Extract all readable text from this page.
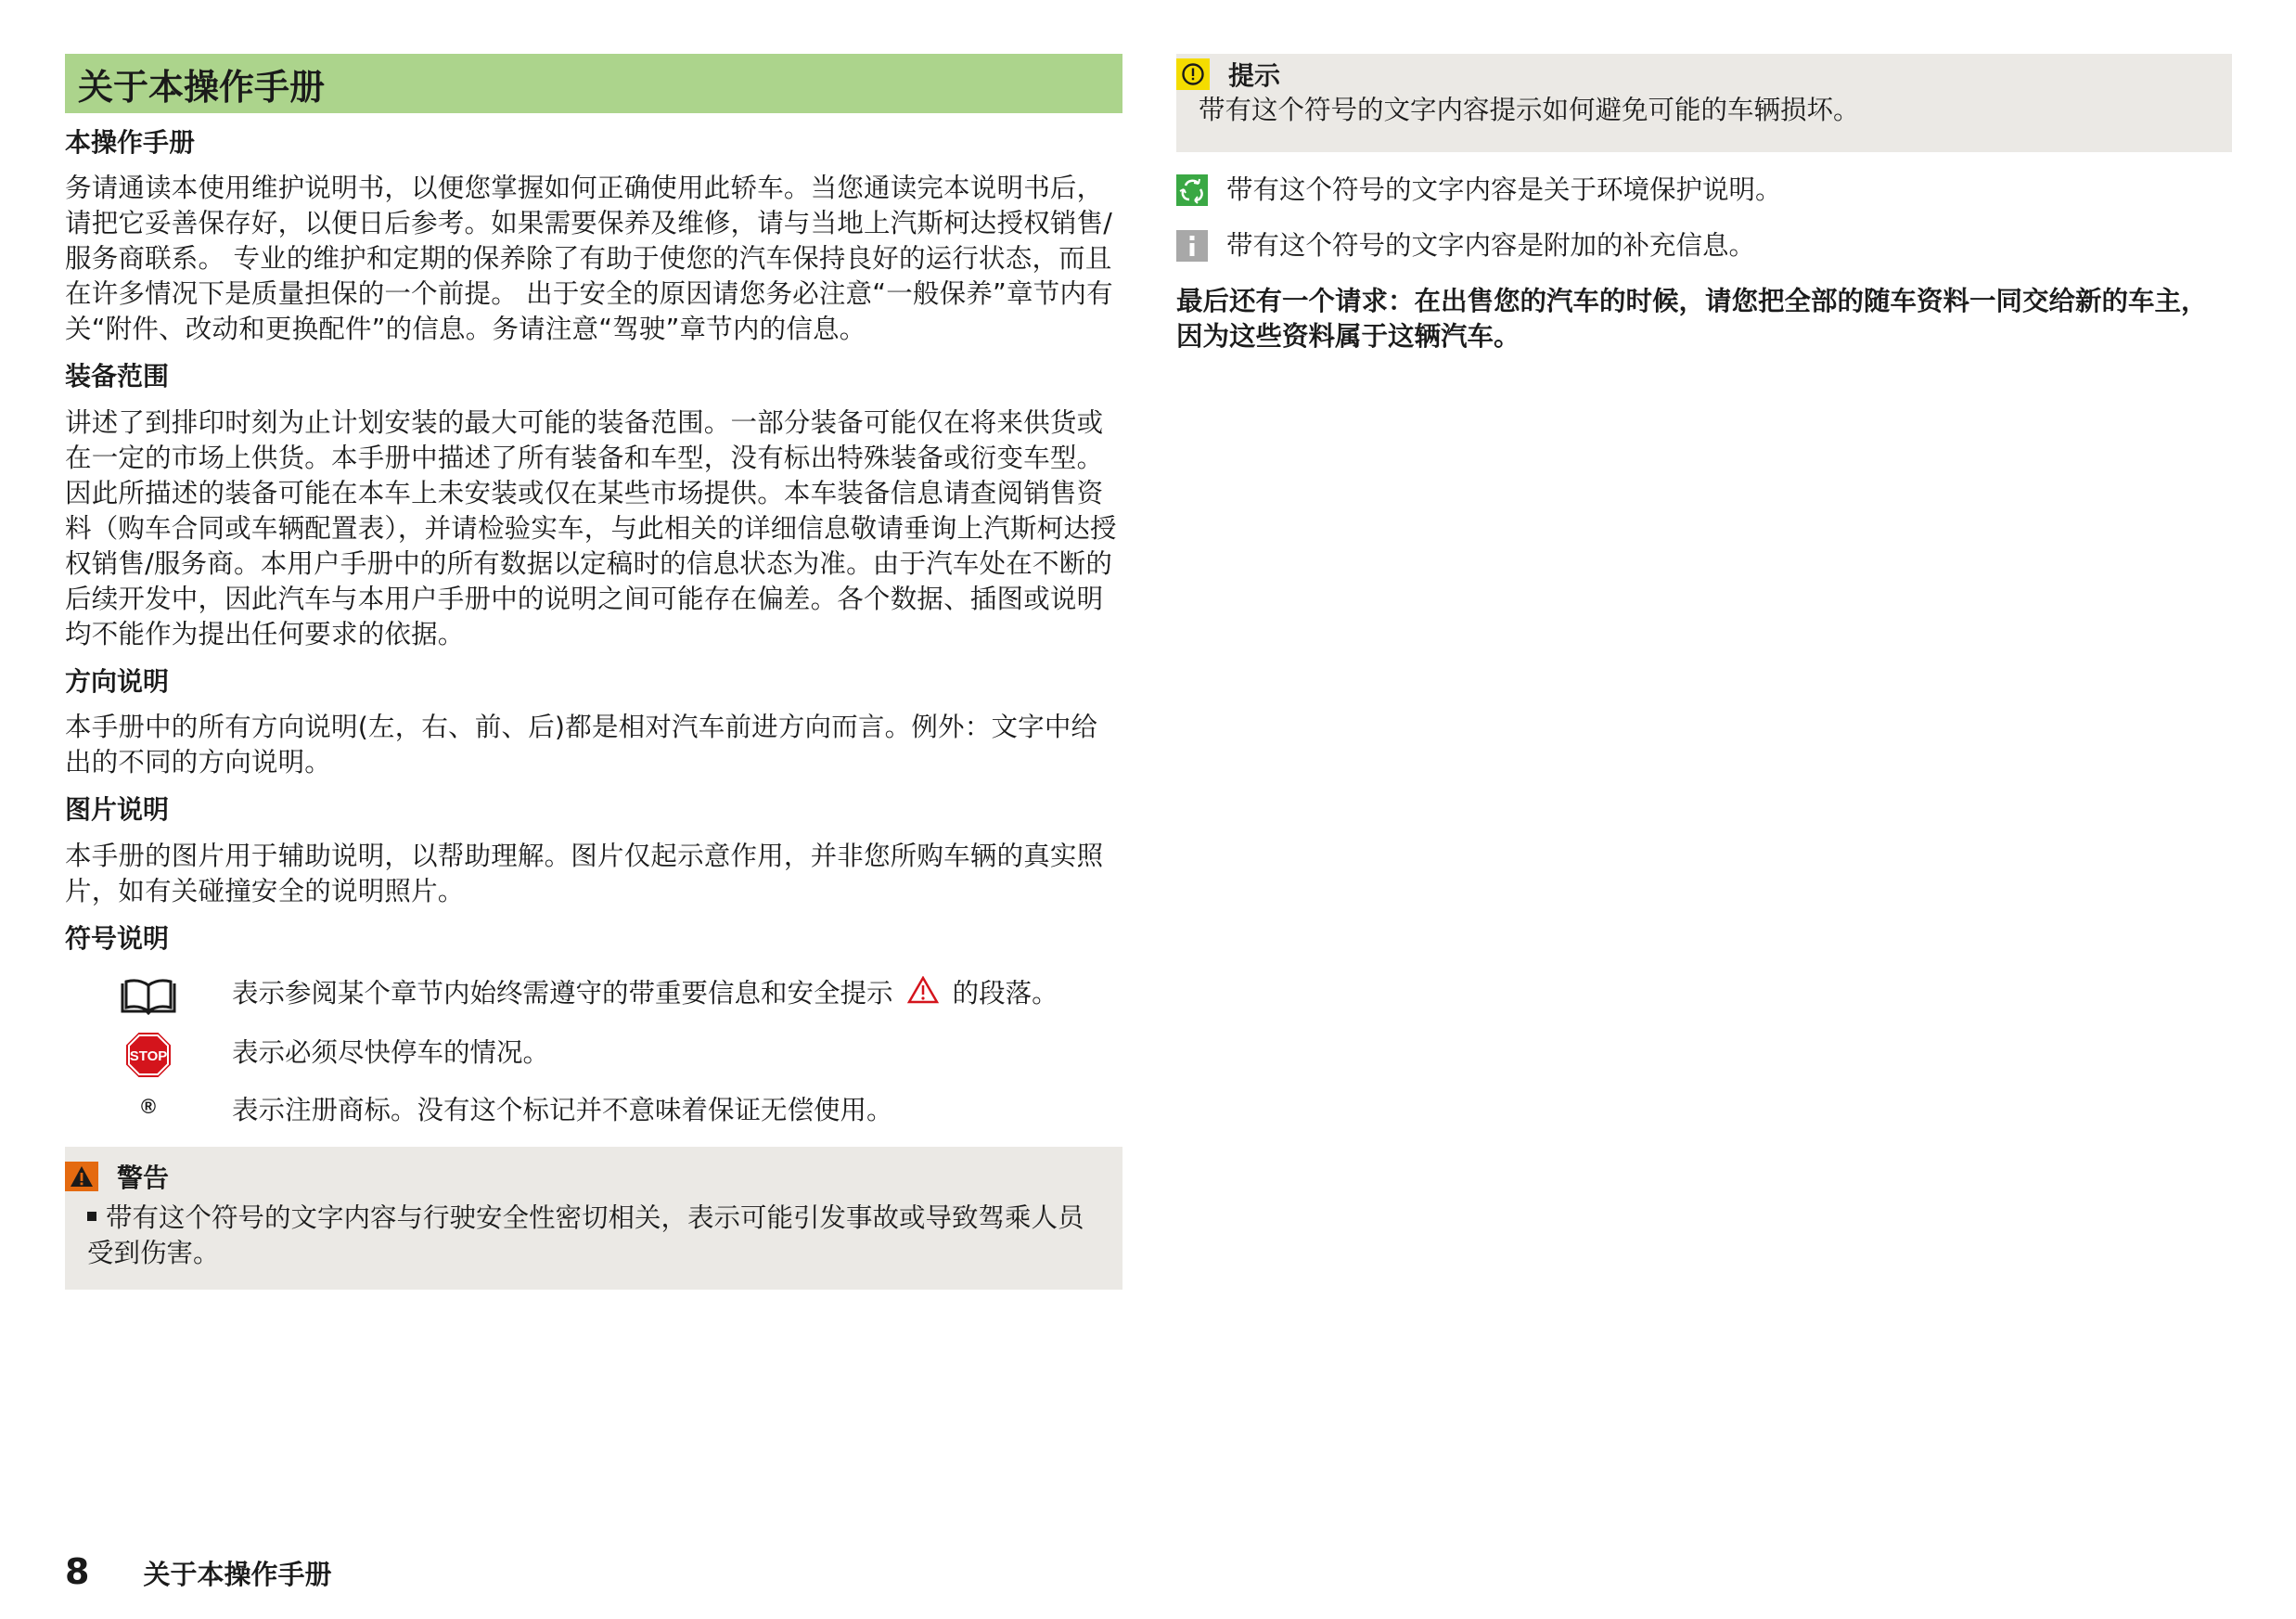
关于本操作手册
本操作手册

务请通读本使用维护说明书，以便您掌握如何正确使用此轿车。当您通读完本说明书后，请把它妥善保存好，以便日后参考。如果需要保养及维修，请与当地上汽斯柯达授权销售/服务商联系。 专业的维护和定期的保养除了有助于使您的汽车保持良好的运行状态，而且在许多情况下是质量担保的一个前提。 出于安全的原因请您务必注意“一般保养”章节内有关“附件、改动和更换配件”的信息。务请注意“驾驶”章节内的信息。

装备范围

讲述了到排印时刻为止计划安装的最大可能的装备范围。一部分装备可能仅在将来供货或在一定的市场上供货。本手册中描述了所有装备和车型，没有标出特殊装备或衍变车型。因此所描述的装备可能在本车上未安装或仅在某些市场提供。本车装备信息请查阅销售资料（购车合同或车辆配置表），并请检验实车，与此相关的详细信息敬请垂询上汽斯柯达授权销售/服务商。本用户手册中的所有数据以定稿时的信息状态为准。由于汽车处在不断的后续开发中，因此汽车与本用户手册中的说明之间可能存在偏差。各个数据、插图或说明均不能作为提出任何要求的依据。

方向说明

本手册中的所有方向说明(左，右、前、后)都是相对汽车前进方向而言。例外：文字中给出的不同的方向说明。

图片说明

本手册的图片用于辅助说明，以帮助理解。图片仅起示意作用，并非您所购车辆的真实照片，如有关碰撞安全的说明照片。

符号说明
表示参阅某个章节内始终需遵守的带重要信息和安全提示 的段落。
STOP 表示必须尽快停车的情况。
®	表示注册商标。没有这个标记并不意味着保证无偿使用。
警告
带有这个符号的文字内容与行驶安全性密切相关，表示可能引发事故或导致驾乘人员受到伤害。
提示
带有这个符号的文字内容提示如何避免可能的车辆损坏。
带有这个符号的文字内容是关于环境保护说明。
带有这个符号的文字内容是附加的补充信息。
最后还有一个请求：在出售您的汽车的时候，请您把全部的随车资料一同交给新的车主， 因为这些资料属于这辆汽车。
8 关于本操作手册
